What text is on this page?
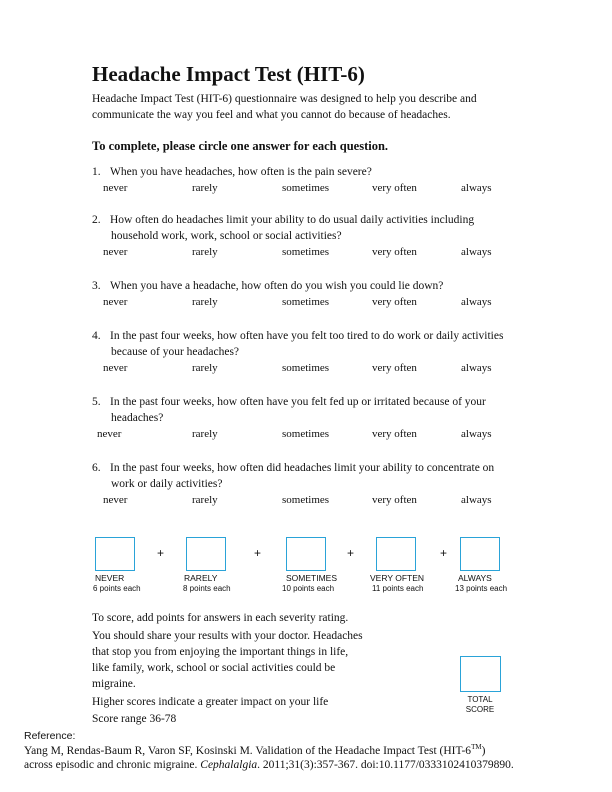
Headache Impact Test (HIT-6)
Headache Impact Test (HIT-6) questionnaire was designed to help you describe and
communicate the way you feel and what you cannot do because of headaches.
To complete, please circle one answer for each question.
1. When you have headaches, how often is the pain severe?
never	rarely	sometimes	very often	always
2. How often do headaches limit your ability to do usual daily activities including
household work, work, school or social activities?
never	rarely	sometimes	very often	always
3. When you have a headache, how often do you wish you could lie down?
never	rarely	sometimes	very often	always
4. In the past four weeks, how often have you felt too tired to do work or daily activities
because of your headaches?
never	rarely	sometimes	very often	always
5. In the past four weeks, how often have you felt fed up or irritated because of your
headaches?
never	rarely	sometimes	very often	always
6. In the past four weeks, how often did headaches limit your ability to concentrate on
work or daily activities?
never	rarely	sometimes	very often	always
+	+	+	+
NEVER
6 points each
RARELY
8 points each
SOMETIMES
10 points each
VERY OFTEN
11 points each
ALWAYS
13 points each
To score, add points for answers in each severity rating.
You should share your results with your doctor. Headaches
that stop you from enjoying the important things in life,
like family, work, school or social activities could be
migraine.
Higher scores indicate a greater impact on your life
Score range 36-78
TOTAL
SCORE
Reference:
Yang M, Rendas-Baum R, Varon SF, Kosinski M. Validation of the Headache Impact Test (HIT-6™)
across episodic and chronic migraine. Cephalalgia. 2011;31(3):357-367. doi:10.1177/0333102410379890.
